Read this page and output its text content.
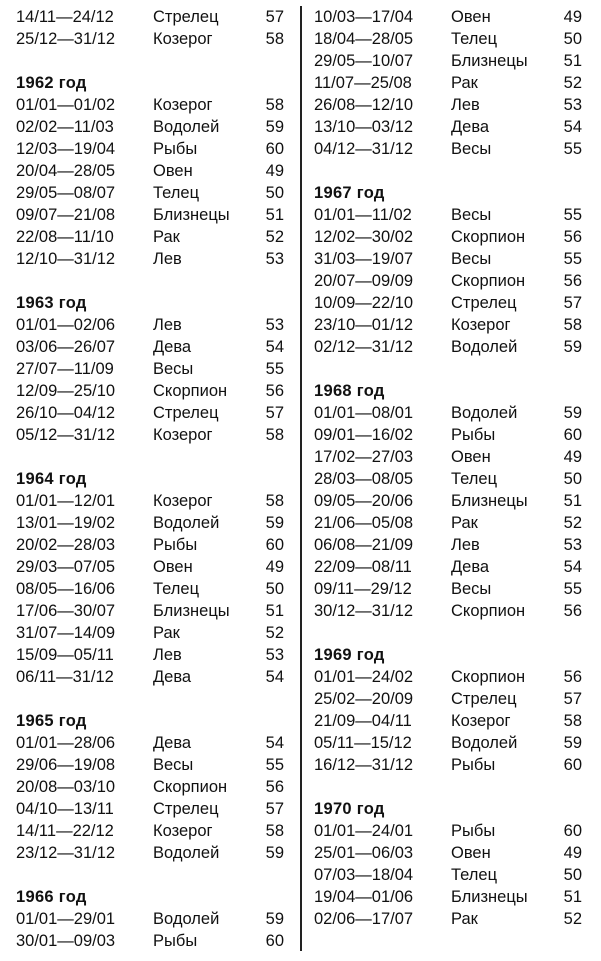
14/11—24/12 Стрелец	57
25/12—31/12 Козерог	58
1962 год
01/01—01/02 Козерог	58
02/02—11/03 Водолей	59
12/03—19/04 Рыбы	60
20/04—28/05 Овен	49
29/05—08/07 Телец	50
09/07—21/08 Близнецы 51
22/08—11/10 Рак	52
12/10—31/12 Лев	53
1963 год
01/01—02/06 Лев	53
03/06—26/07 Дева	54
27/07—11/09 Весы	55
12/09—25/10 Скорпион 56
26/10—04/12 Стрелец	57
05/12—31/12 Козерог	58
1964 год
01/01—12/01 Козерог	58
13/01—19/02 Водолей	59
20/02—28/03 Рыбы	60
29/03—07/05 Овен	49
08/05—16/06 Телец	50
17/06—30/07 Близнецы 51
31/07—14/09 Рак	52
15/09—05/11 Лев	53
06/11—31/12 Дева	54
1965 год
01/01—28/06 Дева	54
29/06—19/08 Весы	55
20/08—03/10 Скорпион 56
04/10—13/11 Стрелец	57
14/11—22/12 Козерог	58
23/12—31/12 Водолей	59
1966 год
01/01—29/01 Водолей	59
30/01—09/03 Рыбы	60
10/03—17/04 Овен	49
18/04—28/05 Телец	50
29/05—10/07 Близнецы 51
11/07—25/08 Рак	52
26/08—12/10 Лев	53
13/10—03/12 Дева	54
04/12—31/12 Весы	55
1967 год
01/01—11/02 Весы	55
12/02—30/02 Скорпион 56
31/03—19/07 Весы	55
20/07—09/09 Скорпион 56
10/09—22/10 Стрелец	57
23/10—01/12 Козерог	58
02/12—31/12 Водолей	59
1968 год
01/01—08/01 Водолей	59
09/01—16/02 Рыбы	60
17/02—27/03 Овен	49
28/03—08/05 Телец	50
09/05—20/06 Близнецы 51
21/06—05/08 Рак	52
06/08—21/09 Лев	53
22/09—08/11 Дева	54
09/11—29/12 Весы	55
30/12—31/12 Скорпион 56
1969 год
01/01—24/02 Скорпион 56
25/02—20/09 Стрелец	57
21/09—04/11 Козерог	58
05/11—15/12 Водолей	59
16/12—31/12 Рыбы	60
1970 год
01/01—24/01 Рыбы	60
25/01—06/03 Овен	49
07/03—18/04 Телец	50
19/04—01/06 Близнецы 51
02/06—17/07 Рак	52
